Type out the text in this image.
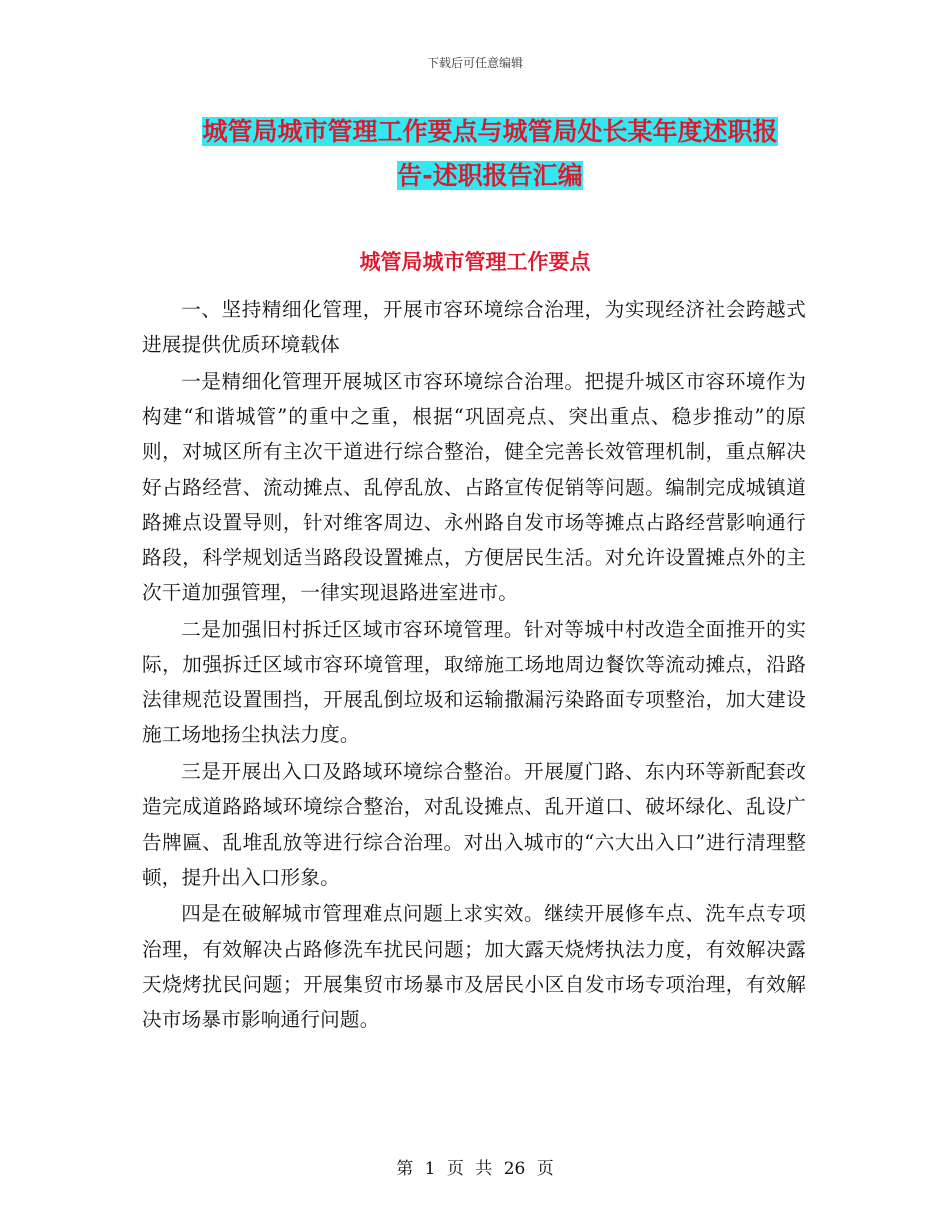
下载后可任意编辑
城管局城市管理工作要点与城管局处长某年度述职报
告-述职报告汇编
城管局城市管理工作要点

一、坚持精细化管理，开展市容环境综合治理，为实现经济社会跨越式进展提供优质环境载体

一是精细化管理开展城区市容环境综合治理。把提升城区市容环境作为构建“和谐城管”的重中之重，根据“巩固亮点、突出重点、稳步推动”的原则，对城区所有主次干道进行综合整治，健全完善长效管理机制，重点解决好占路经营、流动摊点、乱停乱放、占路宣传促销等问题。编制完成城镇道路摊点设置导则，针对维客周边、永州路自发市场等摊点占路经营影响通行路段，科学规划适当路段设置摊点，方便居民生活。对允许设置摊点外的主次干道加强管理，一律实现退路进室进市。

二是加强旧村拆迁区域市容环境管理。针对等城中村改造全面推开的实际，加强拆迁区域市容环境管理，取缔施工场地周边餐饮等流动摊点，沿路法律规范设置围挡，开展乱倒垃圾和运输撒漏污染路面专项整治，加大建设施工场地扬尘执法力度。

三是开展出入口及路域环境综合整治。开展厦门路、东内环等新配套改造完成道路路域环境综合整治，对乱设摊点、乱开道口、破坏绿化、乱设广告牌匾、乱堆乱放等进行综合治理。对出入城市的“六大出入口”进行清理整顿，提升出入口形象。

四是在破解城市管理难点问题上求实效。继续开展修车点、洗车点专项治理，有效解决占路修洗车扰民问题；加大露天烧烤执法力度，有效解决露天烧烤扰民问题；开展集贸市场暴市及居民小区自发市场专项治理，有效解决市场暴市影响通行问题。

第 1 页 共 26 页
